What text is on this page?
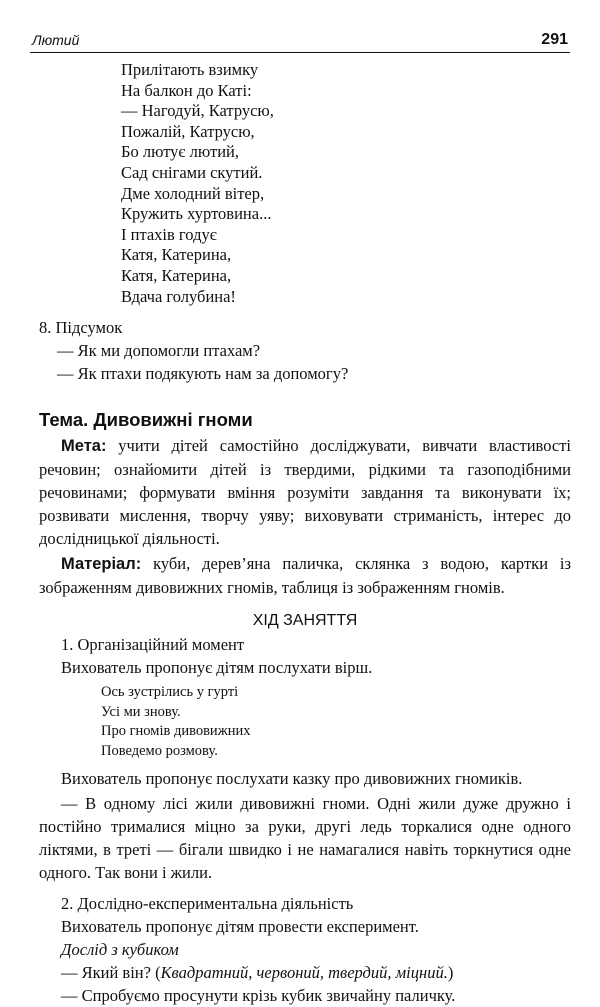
Лютий	291
Прилітають взимку
На балкон до Каті:
— Нагодуй, Катрусю,
Пожалій, Катрусю,
Бо лютує лютий,
Сад снігами скутий.
Дме холодний вітер,
Кружить хуртовина...
І птахів годує
Катя, Катерина,
Катя, Катерина,
Вдача голубина!
8. Підсумок
— Як ми допомогли птахам?
— Як птахи подякують нам за допомогу?
Тема. Дивовижні гноми
Мета: учити дітей самостійно досліджувати, вивчати властивості речовин; ознайомити дітей із твердими, рідкими та газоподібними речовинами; формувати вміння розуміти завдання та виконувати їх; розвивати мислення, творчу уяву; виховувати стриманість, інтерес до дослідницької діяльності.
Матеріал: куби, дерев’яна паличка, склянка з водою, картки із зображенням дивовижних гномів, таблиця із зображенням гномів.
ХІД ЗАНЯТТЯ
1. Організаційний момент
Вихователь пропонує дітям послухати вірш.
Ось зустрілись у гурті
Усі ми знову.
Про гномів дивовижних
Поведемо розмову.
Вихователь пропонує послухати казку про дивовижних гномиків.
— В одному лісі жили дивовижні гноми. Одні жили дуже дружно і постійно трималися міцно за руки, другі ледь торкалися одне одного ліктями, в треті — бігали швидко і не намагалися навіть торкнутися одне одного. Так вони і жили.
2. Дослідно-експериментальна діяльність
Вихователь пропонує дітям провести експеримент.
Дослід з кубиком
— Який він? (Квадратний, червоний, твердий, міцний.)
— Спробуємо просунути крізь кубик звичайну паличку.
